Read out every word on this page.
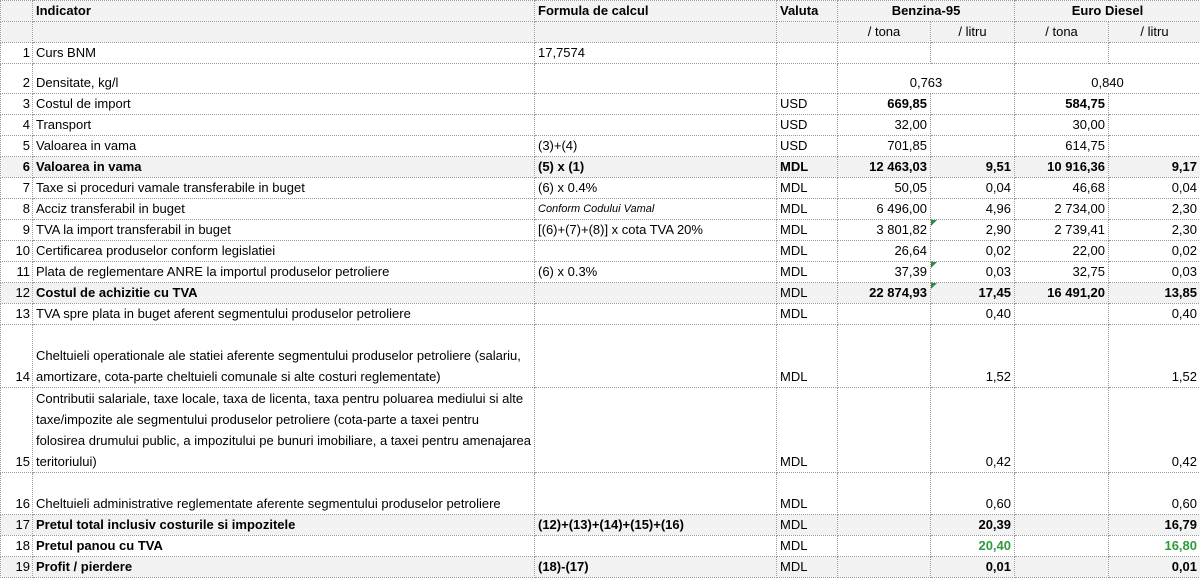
	Indicator	Formula de calcul	Valuta	Benzina-95		Euro Diesel	
				/ tona	/ litru	/ tona	/ litru
1	Curs BNM	17,7574					
2	Densitate, kg/l			0,763		0,840	
3	Costul de import		USD	669,85		584,75	
4	Transport		USD	32,00		30,00	
5	Valoarea in vama	(3)+(4)	USD	701,85		614,75	
6	Valoarea in vama	(5) x (1)	MDL	12 463,03	9,51	10 916,36	9,17
7	Taxe si proceduri vamale transferabile in buget	(6) x 0.4%	MDL	50,05	0,04	46,68	0,04
8	Acciz transferabil in buget	Conform Codului Vamal	MDL	6 496,00	4,96	2 734,00	2,30
9	TVA la import transferabil in buget	[(6)+(7)+(8)] x cota TVA 20%	MDL	3 801,82	2,90	2 739,41	2,30
10	Certificarea produselor conform legislatiei		MDL	26,64	0,02	22,00	0,02
11	Plata de reglementare ANRE la importul produselor petroliere	(6) x 0.3%	MDL	37,39	0,03	32,75	0,03
12	Costul de achizitie cu TVA		MDL	22 874,93	17,45	16 491,20	13,85
13	TVA spre plata in buget aferent segmentului produselor petroliere		MDL		0,40		0,40
14	Cheltuieli operationale ale statiei aferente segmentului produselor petroliere (salariu, amortizare, cota-parte cheltuieli comunale si alte costuri reglementate)		MDL		1,52		1,52
15	Contributii salariale, taxe locale, taxa de licenta, taxa pentru poluarea mediului si alte taxe/impozite ale segmentului produselor petroliere (cota-parte a taxei pentru folosirea drumului public, a impozitului pe bunuri imobiliare, a taxei pentru amenajarea teritoriului)		MDL		0,42		0,42
16	Cheltuieli administrative reglementate aferente segmentului produselor petroliere		MDL		0,60		0,60
17	Pretul total inclusiv costurile si impozitele	(12)+(13)+(14)+(15)+(16)	MDL		20,39		16,79
18	Pretul panou cu TVA		MDL		20,40		16,80
19	Profit / pierdere	(18)-(17)	MDL		0,01		0,01
